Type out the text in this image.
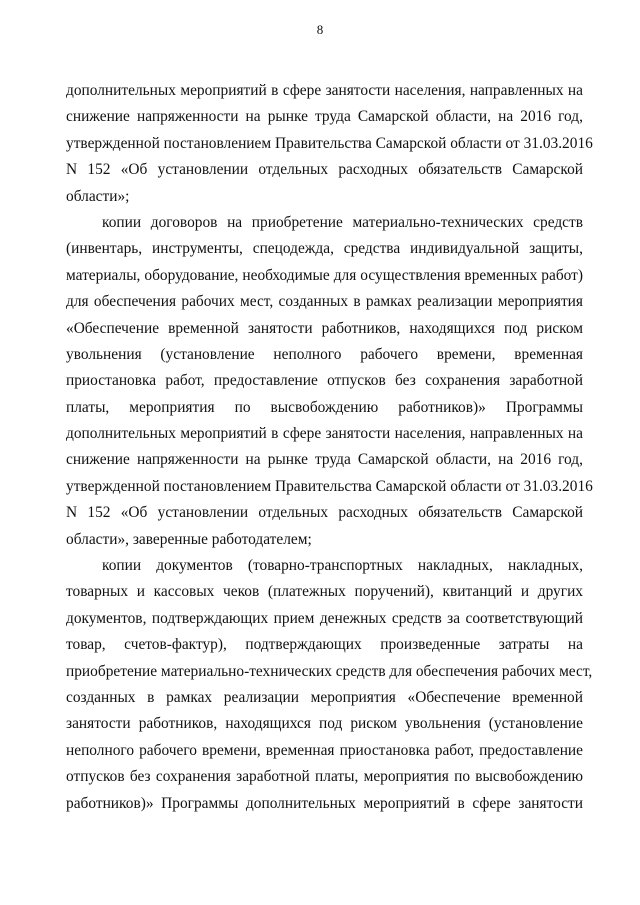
8
дополнительных мероприятий в сфере занятости населения, направленных на
снижение напряженности на рынке труда Самарской области, на 2016 год,
утвержденной постановлением Правительства Самарской области от 31.03.2016
N 152 «Об установлении отдельных расходных обязательств Самарской
области»;
копии договоров на приобретение материально-технических средств
(инвентарь, инструменты, спецодежда, средства индивидуальной защиты,
материалы, оборудование, необходимые для осуществления временных работ)
для обеспечения рабочих мест, созданных в рамках реализации мероприятия
«Обеспечение временной занятости работников, находящихся под риском
увольнения (установление неполного рабочего времени, временная
приостановка работ, предоставление отпусков без сохранения заработной
платы, мероприятия по высвобождению работников)» Программы
дополнительных мероприятий в сфере занятости населения, направленных на
снижение напряженности на рынке труда Самарской области, на 2016 год,
утвержденной постановлением Правительства Самарской области от 31.03.2016
N 152 «Об установлении отдельных расходных обязательств Самарской
области», заверенные работодателем;
копии документов (товарно-транспортных накладных, накладных,
товарных и кассовых чеков (платежных поручений), квитанций и других
документов, подтверждающих прием денежных средств за соответствующий
товар, счетов-фактур), подтверждающих произведенные затраты на
приобретение материально-технических средств для обеспечения рабочих мест,
созданных в рамках реализации мероприятия «Обеспечение временной
занятости работников, находящихся под риском увольнения (установление
неполного рабочего времени, временная приостановка работ, предоставление
отпусков без сохранения заработной платы, мероприятия по высвобождению
работников)» Программы дополнительных мероприятий в сфере занятости
